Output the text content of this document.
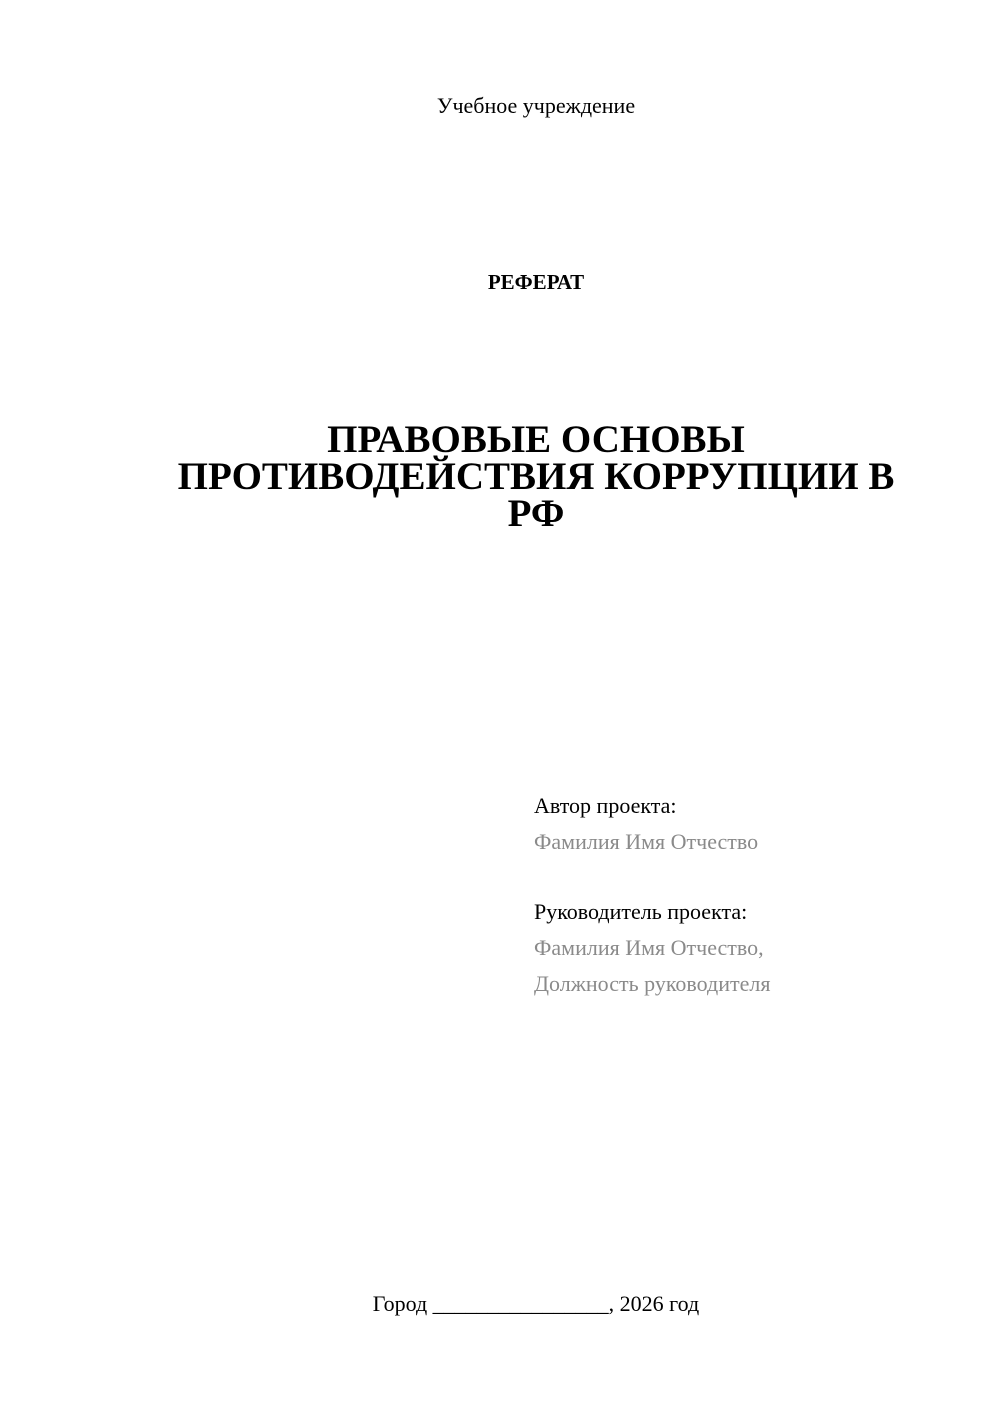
Учебное учреждение
РЕФЕРАТ
ПРАВОВЫЕ ОСНОВЫ
ПРОТИВОДЕЙСТВИЯ КОРРУПЦИИ В
РФ
Автор проекта:
Фамилия Имя Отчество
Руководитель проекта:
Фамилия Имя Отчество,
Должность руководителя
Город ________________, 2026 год
